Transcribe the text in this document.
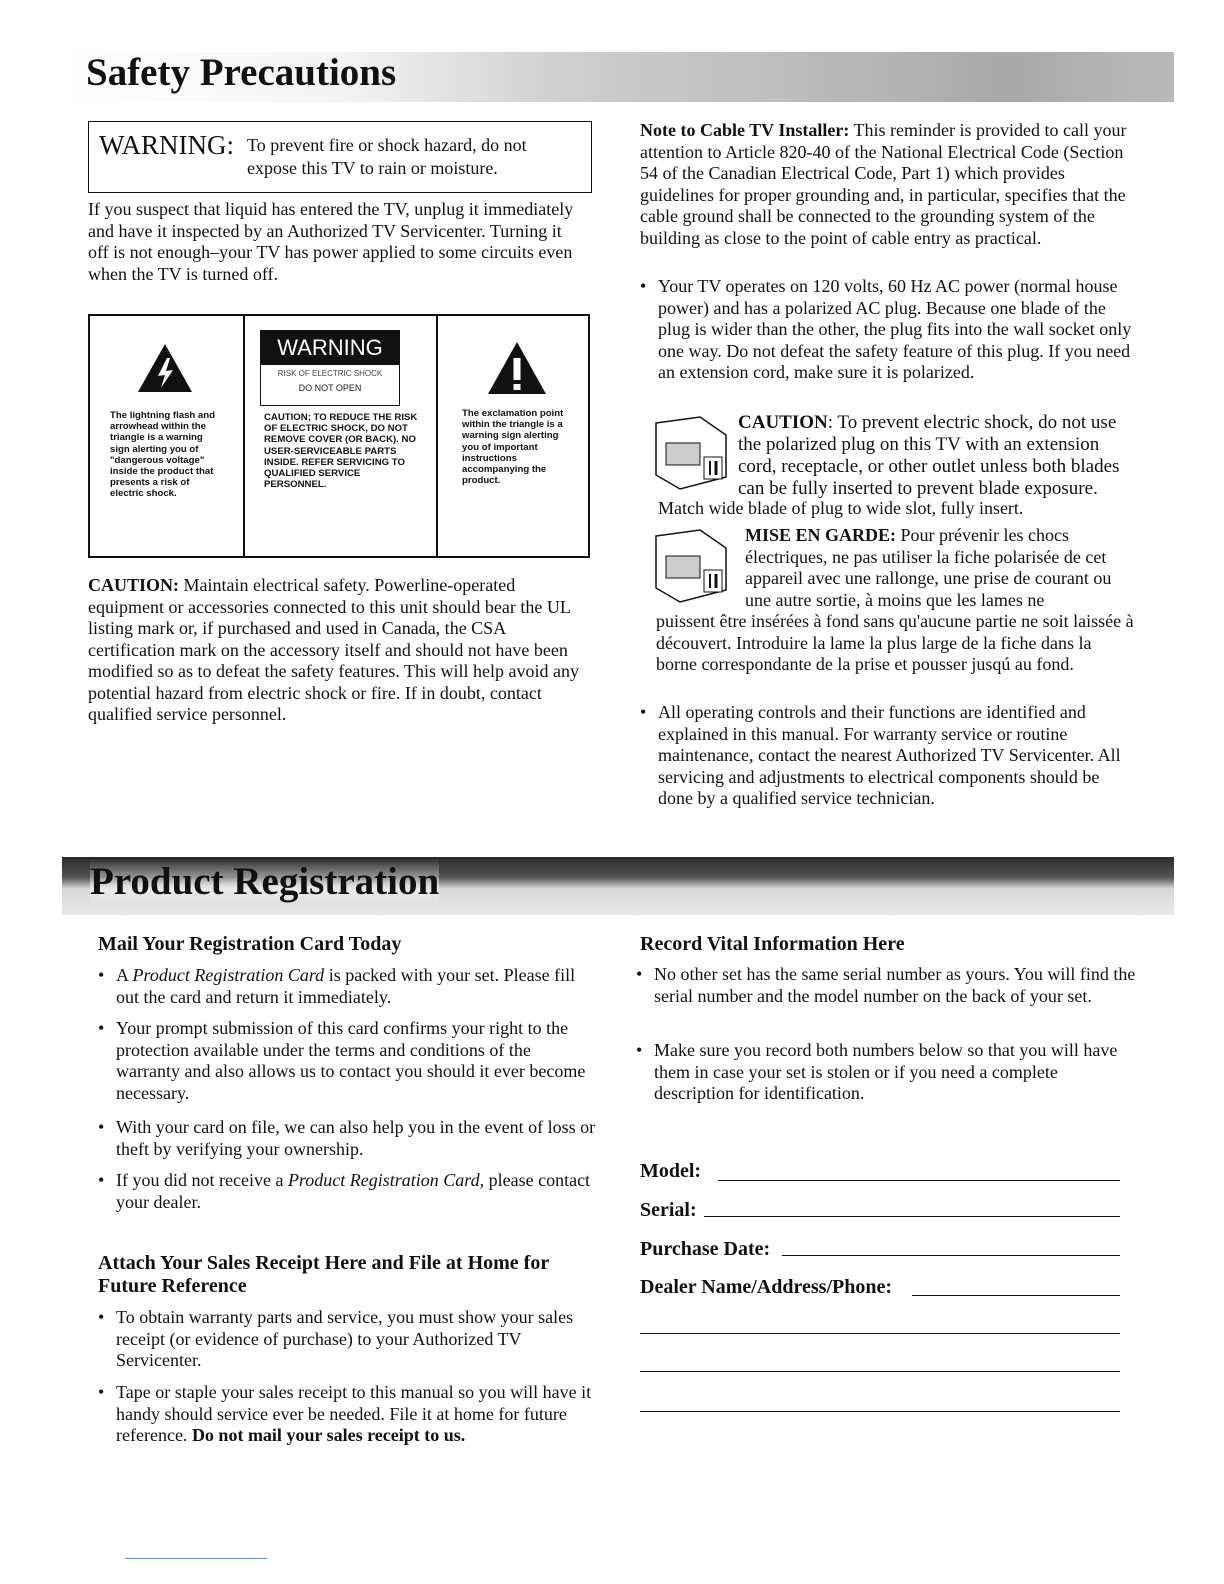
Safety Precautions
WARNING: To prevent fire or shock hazard, do not
expose this TV to rain or moisture.

If you suspect that liquid has entered the TV, unplug it immediately and have it inspected by an Authorized TV Servicenter. Turning it off is not enough–your TV has power applied to some circuits even when the TV is turned off.

The lightning flash and arrowhead within the triangle is a warning sign alerting you of "dangerous voltage" inside the product that presents a risk of electric shock.
WARNING
RISK OF ELECTRIC SHOCK
DO NOT OPEN
CAUTION; TO REDUCE THE RISK OF ELECTRIC SHOCK, DO NOT REMOVE COVER (OR BACK). NO USER-SERVICEABLE PARTS INSIDE. REFER SERVICING TO QUALIFIED SERVICE PERSONNEL.
The exclamation point within the triangle is a warning sign alerting you of important instructions accompanying the product.

CAUTION: Maintain electrical safety. Powerline-operated equipment or accessories connected to this unit should bear the UL listing mark or, if purchased and used in Canada, the CSA certification mark on the accessory itself and should not have been modified so as to defeat the safety features. This will help avoid any potential hazard from electric shock or fire. If in doubt, contact qualified service personnel.

Note to Cable TV Installer: This reminder is provided to call your attention to Article 820-40 of the National Electrical Code (Section 54 of the Canadian Electrical Code, Part 1) which provides guidelines for proper grounding and, in particular, specifies that the cable ground shall be connected to the grounding system of the building as close to the point of cable entry as practical.

• Your TV operates on 120 volts, 60 Hz AC power (normal house power) and has a polarized AC plug. Because one blade of the plug is wider than the other, the plug fits into the wall socket only one way. Do not defeat the safety feature of this plug. If you need an extension cord, make sure it is polarized.

CAUTION: To prevent electric shock, do not use the polarized plug on this TV with an extension cord, receptacle, or other outlet unless both blades can be fully inserted to prevent blade exposure.

Match wide blade of plug to wide slot, fully insert.

MISE EN GARDE: Pour prévenir les chocs électriques, ne pas utiliser la fiche polarisée de cet appareil avec une rallonge, une prise de courant ou une autre sortie, à moins que les lames ne

puissent être insérées à fond sans qu'aucune partie ne soit laissée à découvert. Introduire la lame la plus large de la fiche dans la borne correspondante de la prise et pousser jusqú au fond.

• All operating controls and their functions are identified and explained in this manual. For warranty service or routine maintenance, contact the nearest Authorized TV Servicenter. All servicing and adjustments to electrical components should be done by a qualified service technician.
Product Registration
Mail Your Registration Card Today
• A Product Registration Card is packed with your set. Please fill out the card and return it immediately.
• Your prompt submission of this card confirms your right to the protection available under the terms and conditions of the warranty and also allows us to contact you should it ever become necessary.
• With your card on file, we can also help you in the event of loss or theft by verifying your ownership.
• If you did not receive a Product Registration Card, please contact your dealer.
Attach Your Sales Receipt Here and File at Home for
Future Reference
• To obtain warranty parts and service, you must show your sales receipt (or evidence of purchase) to your Authorized TV Servicenter.
• Tape or staple your sales receipt to this manual so you will have it handy should service ever be needed. File it at home for future reference. Do not mail your sales receipt to us.
Record Vital Information Here
• No other set has the same serial number as yours. You will find the serial number and the model number on the back of your set.
• Make sure you record both numbers below so that you will have them in case your set is stolen or if you need a complete description for identification.
Model:
Serial:
Purchase Date:
Dealer Name/Address/Phone:
